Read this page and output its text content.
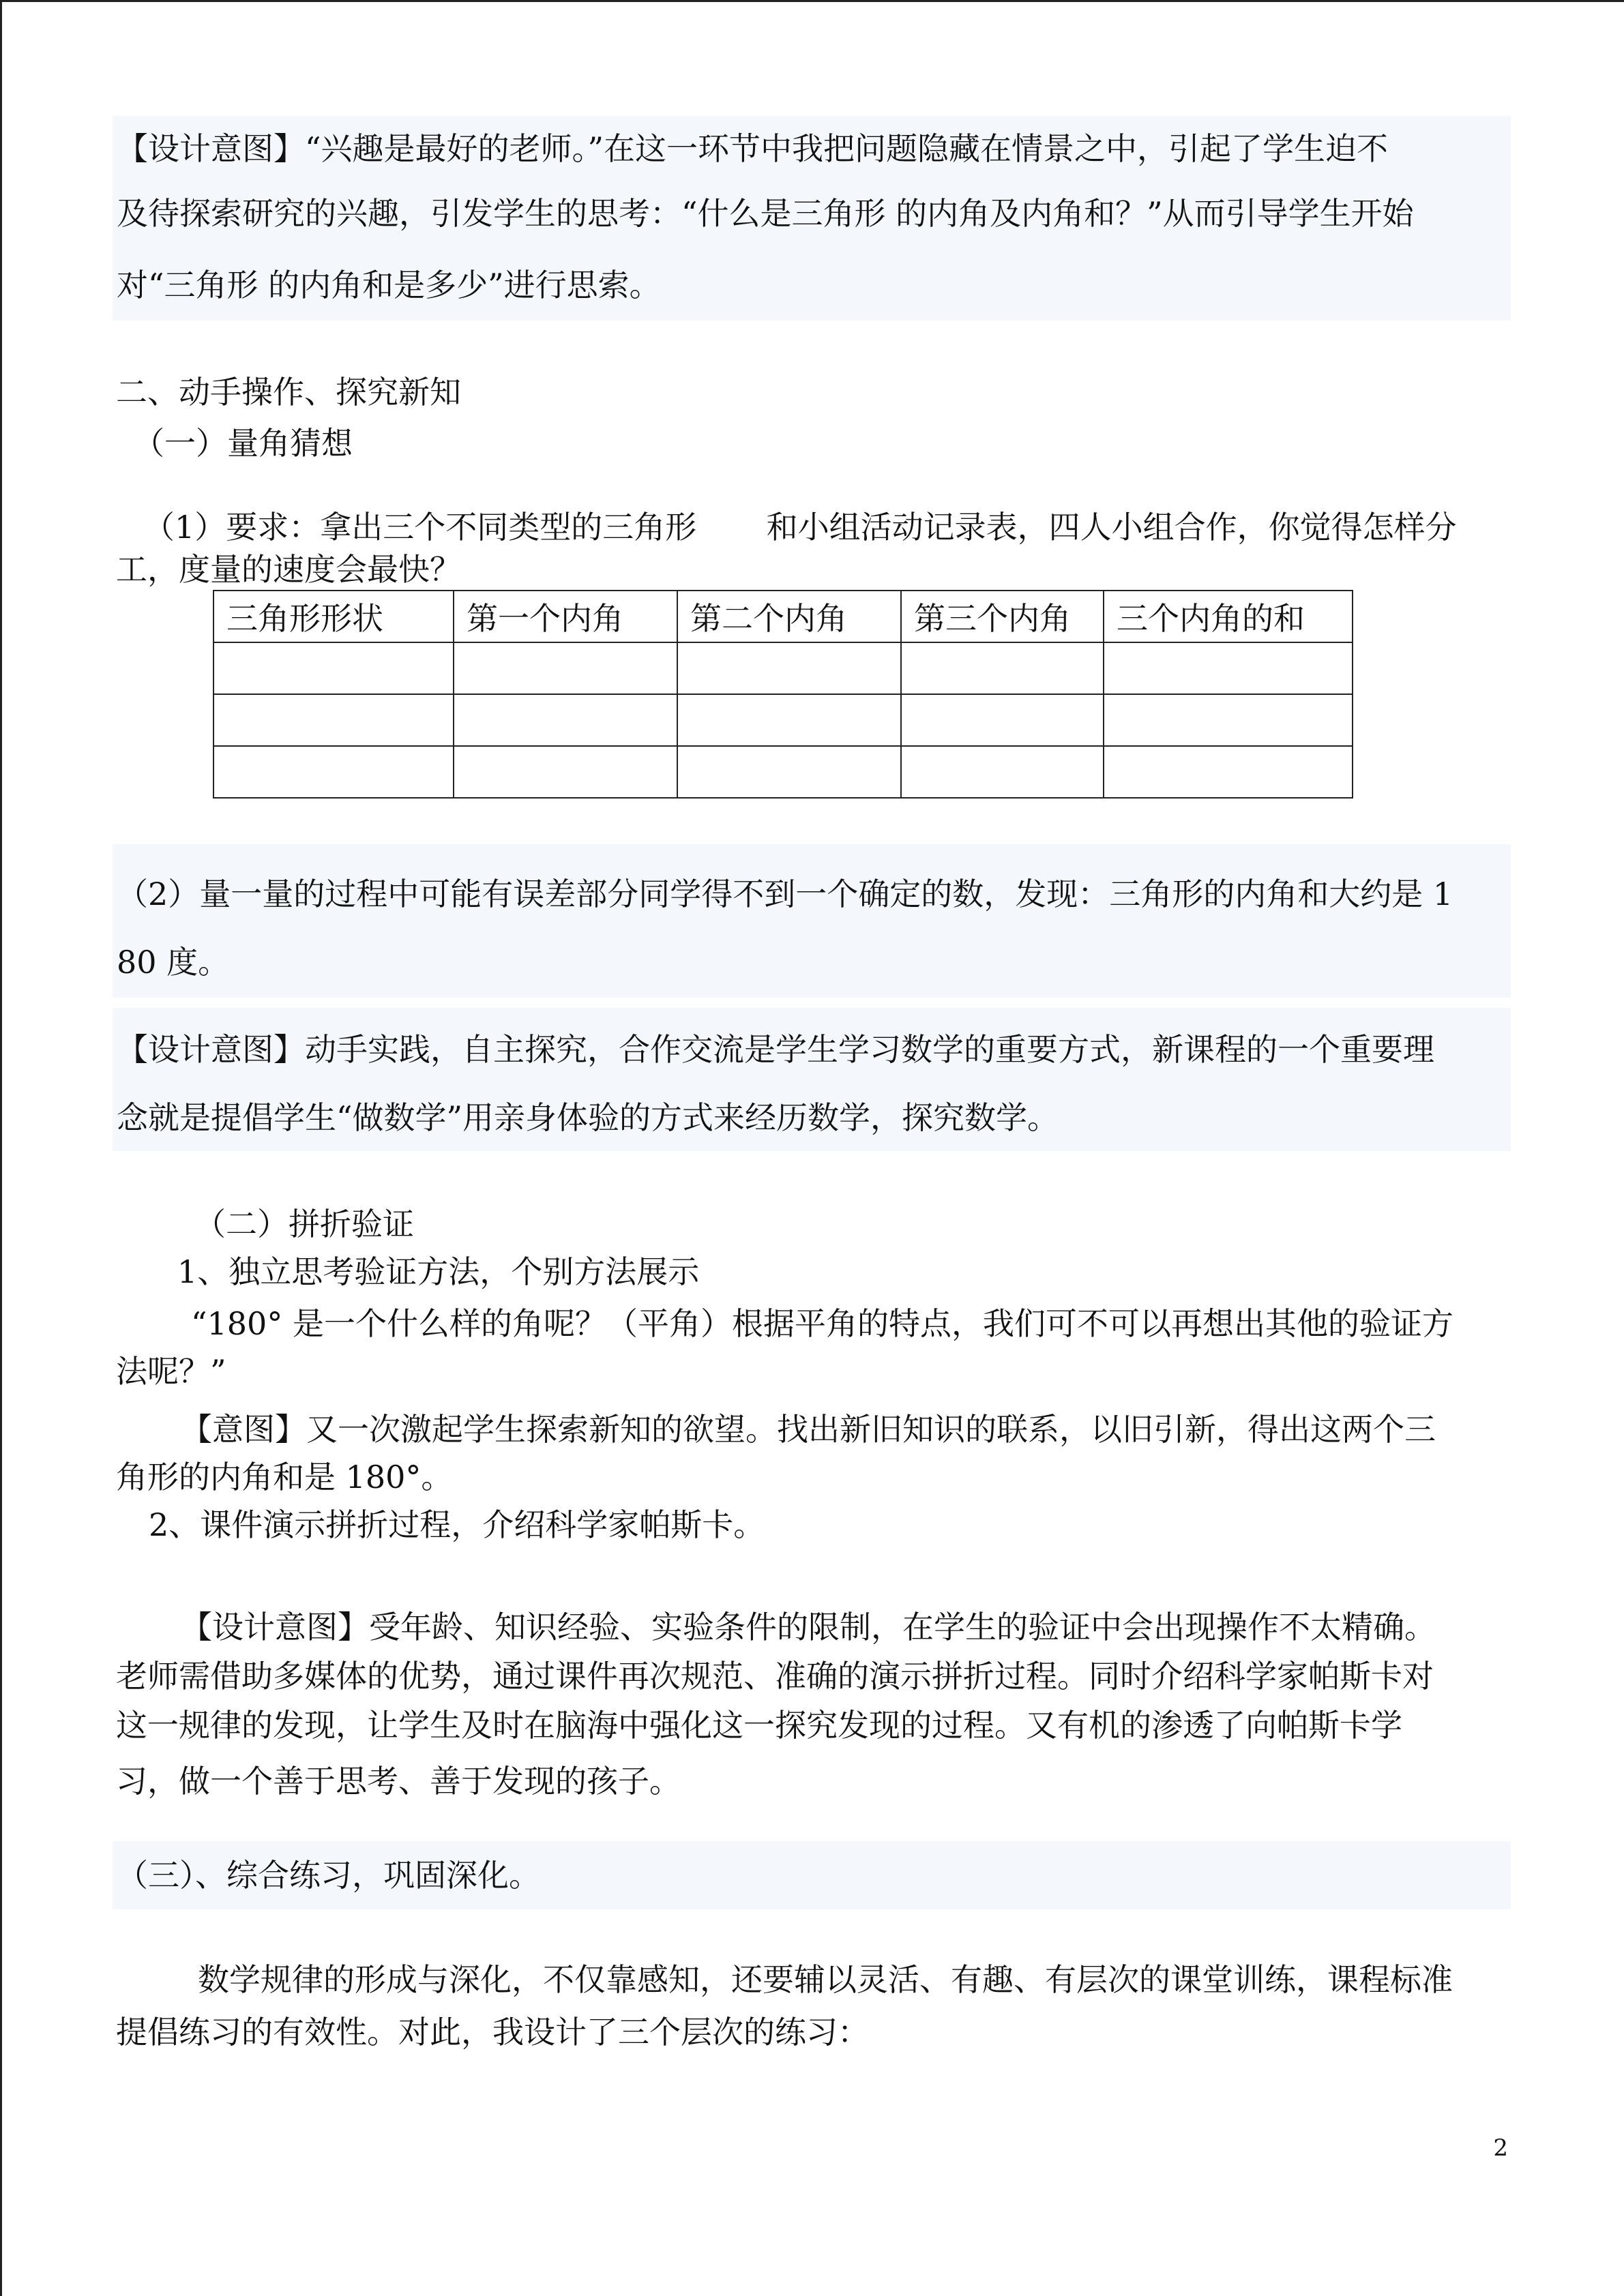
【设计意图】“兴趣是最好的老师。”在这一环节中我把问题隐藏在情景之中，引起了学生迫不
及待探索研究的兴趣，引发学生的思考：“什么是三角形 的内角及内角和？”从而引导学生开始
对“三角形 的内角和是多少”进行思索。
二、动手操作、探究新知
（一）量角猜想
（1）要求：拿出三个不同类型的三角形       和小组活动记录表，四人小组合作，你觉得怎样分
工，度量的速度会最快？
三角形形状	第一个内角	第二个内角	第三个内角	三个内角的和

（2）量一量的过程中可能有误差部分同学得不到一个确定的数，发现：三角形的内角和大约是 1
80 度。
【设计意图】动手实践，自主探究，合作交流是学生学习数学的重要方式，新课程的一个重要理
念就是提倡学生“做数学”用亲身体验的方式来经历数学，探究数学。
（二）拼折验证
1、独立思考验证方法，个别方法展示
“180° 是一个什么样的角呢？（平角）根据平角的特点，我们可不可以再想出其他的验证方
法呢？”
【意图】又一次激起学生探索新知的欲望。找出新旧知识的联系，以旧引新，得出这两个三
角形的内角和是 180°。
2、课件演示拼折过程，介绍科学家帕斯卡。
【设计意图】受年龄、知识经验、实验条件的限制，在学生的验证中会出现操作不太精确。
老师需借助多媒体的优势，通过课件再次规范、准确的演示拼折过程。同时介绍科学家帕斯卡对
这一规律的发现，让学生及时在脑海中强化这一探究发现的过程。又有机的渗透了向帕斯卡学
习，做一个善于思考、善于发现的孩子。
（三）、综合练习，巩固深化。
数学规律的形成与深化，不仅靠感知，还要辅以灵活、有趣、有层次的课堂训练，课程标准
提倡练习的有效性。对此，我设计了三个层次的练习：
2
